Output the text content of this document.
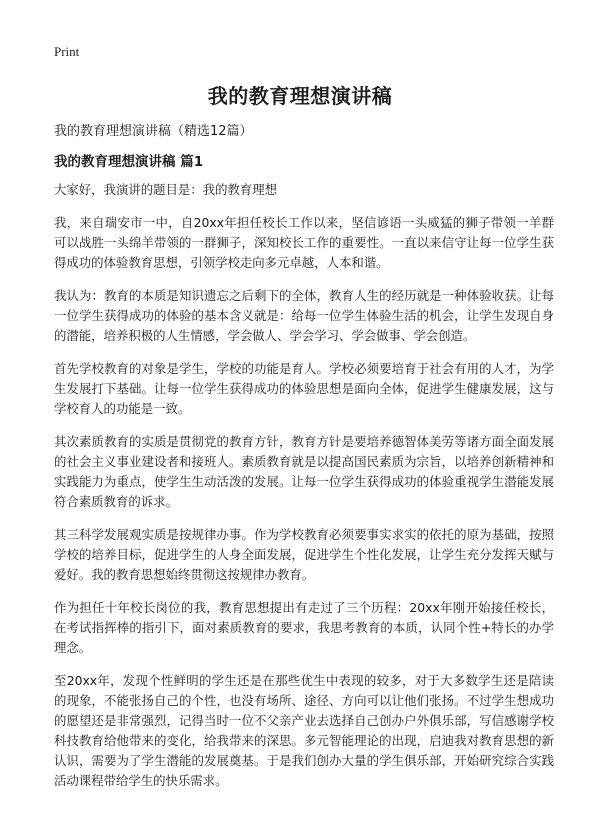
Print
我的教育理想演讲稿

我的教育理想演讲稿（精选12篇）

我的教育理想演讲稿 篇1

大家好，我演讲的题目是：我的教育理想

我，来自瑞安市一中，自20xx年担任校长工作以来，坚信谚语一头威猛的狮子带领一羊群可以战胜一头绵羊带领的一群狮子，深知校长工作的重要性。一直以来信守让每一位学生获得成功的体验教育思想，引领学校走向多元卓越，人本和谐。

我认为：教育的本质是知识遗忘之后剩下的全体，教育人生的经历就是一种体验收获。让每一位学生获得成功的体验的基本含义就是：给每一位学生体验生活的机会，让学生发现自身的潜能，培养积极的人生情感，学会做人、学会学习、学会做事、学会创造。

首先学校教育的对象是学生，学校的功能是育人。学校必须要培育于社会有用的人才，为学生发展打下基础。让每一位学生获得成功的体验思想是面向全体，促进学生健康发展，这与学校育人的功能是一致。

其次素质教育的实质是贯彻党的教育方针，教育方针是要培养德智体美劳等诸方面全面发展的社会主义事业建设者和接班人。素质教育就是以提高国民素质为宗旨，以培养创新精神和实践能力为重点，使学生生动活泼的发展。让每一位学生获得成功的体验重视学生潜能发展符合素质教育的诉求。

其三科学发展观实质是按规律办事。作为学校教育必须要事实求实的依托的原为基础，按照学校的培养目标，促进学生的人身全面发展，促进学生个性化发展，让学生充分发挥天赋与爱好。我的教育思想始终贯彻这按规律办教育。

作为担任十年校长岗位的我，教育思想提出有走过了三个历程：20xx年刚开始接任校长，在考试指挥棒的指引下，面对素质教育的要求，我思考教育的本质，认同个性+特长的办学理念。

至20xx年，发现个性鲜明的学生还是在那些优生中表现的较多，对于大多数学生还是陪读的现象，不能张扬自己的个性，也没有场所、途径、方向可以让他们张扬。不过学生想成功的愿望还是非常强烈，记得当时一位不父亲产业去选择自己创办户外俱乐部，写信感谢学校科技教育给他带来的变化，给我带来的深思。多元智能理论的出现，启迪我对教育思想的新认识，需要为了学生潜能的发展奠基。于是我们创办大量的学生俱乐部，开始研究综合实践活动课程带给学生的快乐需求。
